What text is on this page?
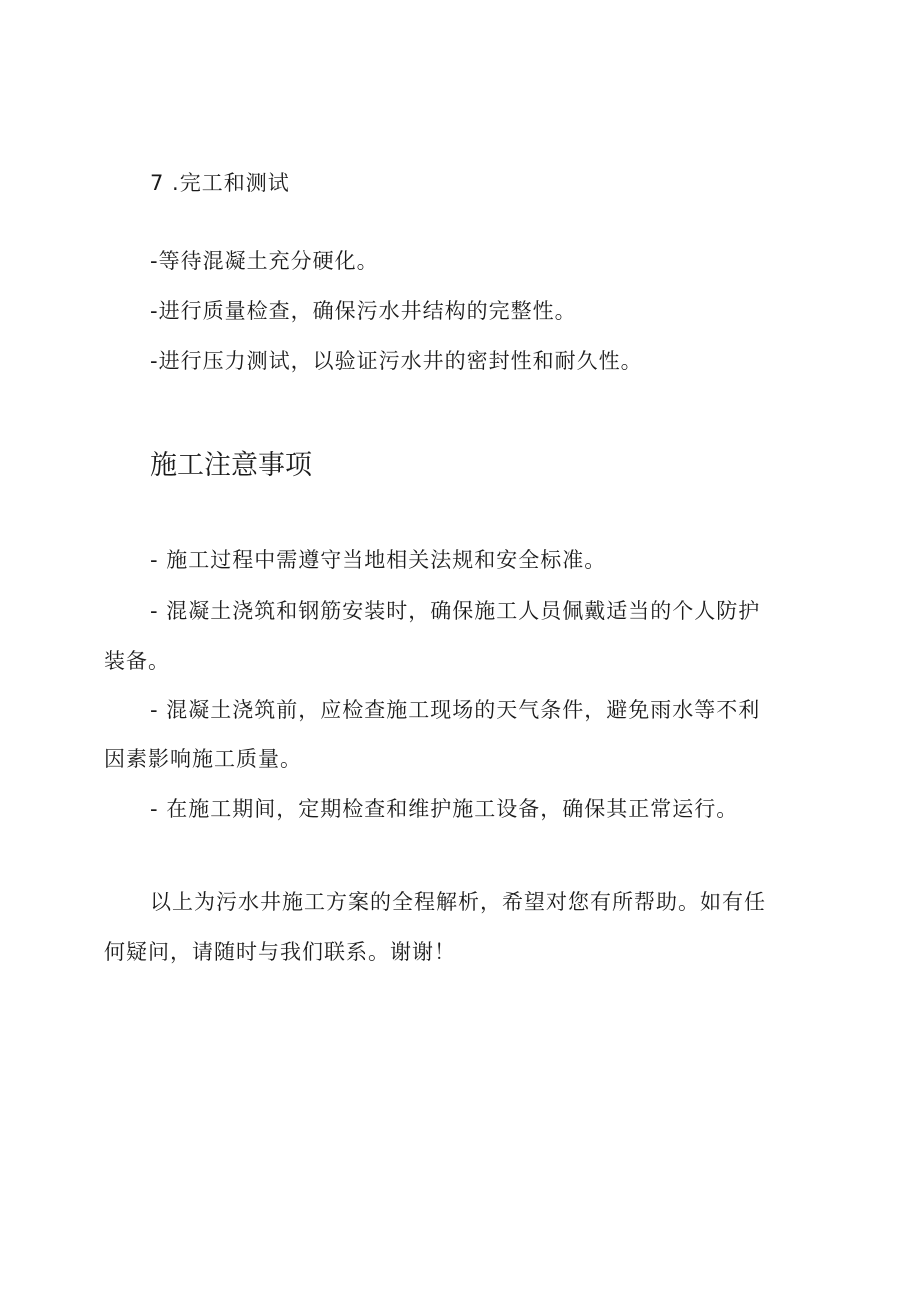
7 .完工和测试
-等待混凝土充分硬化。
-进行质量检查，确保污水井结构的完整性。
-进行压力测试，以验证污水井的密封性和耐久性。
施工注意事项
- 施工过程中需遵守当地相关法规和安全标准。
- 混凝土浇筑和钢筋安装时，确保施工人员佩戴适当的个人防护
装备。
- 混凝土浇筑前，应检查施工现场的天气条件，避免雨水等不利
因素影响施工质量。
- 在施工期间，定期检查和维护施工设备，确保其正常运行。
以上为污水井施工方案的全程解析，希望对您有所帮助。如有任
何疑问，请随时与我们联系。谢谢！
